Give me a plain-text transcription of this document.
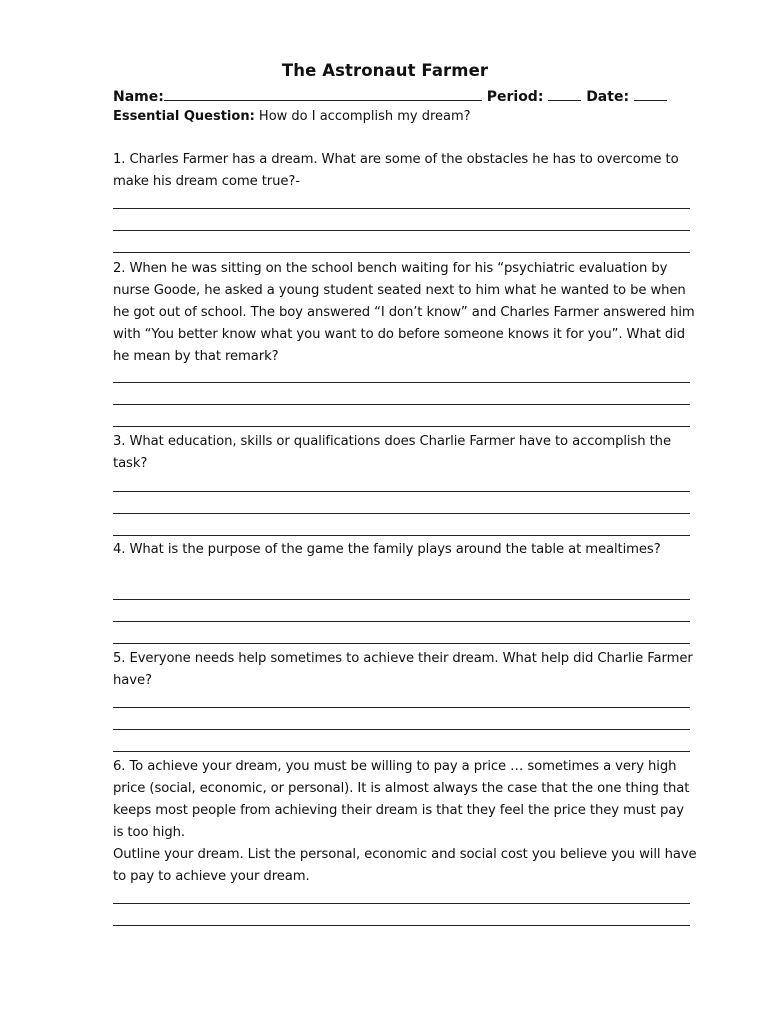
The Astronaut Farmer
Name:	Period:	Date:
Essential Question: How do I accomplish my dream?

1. Charles Farmer has a dream. What are some of the obstacles he has to overcome to make his dream come true?-

2. When he was sitting on the school bench waiting for his “psychiatric evaluation by nurse Goode, he asked a young student seated next to him what he wanted to be when he got out of school. The boy answered “I don’t know” and Charles Farmer answered him with “You better know what you want to do before someone knows it for you”. What did he mean by that remark?

3. What education, skills or qualifications does Charlie Farmer have to accomplish the task?

4. What is the purpose of the game the family plays around the table at mealtimes?

5. Everyone needs help sometimes to achieve their dream. What help did Charlie Farmer have?

6. To achieve your dream, you must be willing to pay a price … sometimes a very high price (social, economic, or personal). It is almost always the case that the one thing that keeps most people from achieving their dream is that they feel the price they must pay is too high.

Outline your dream. List the personal, economic and social cost you believe you will have to pay to achieve your dream.
